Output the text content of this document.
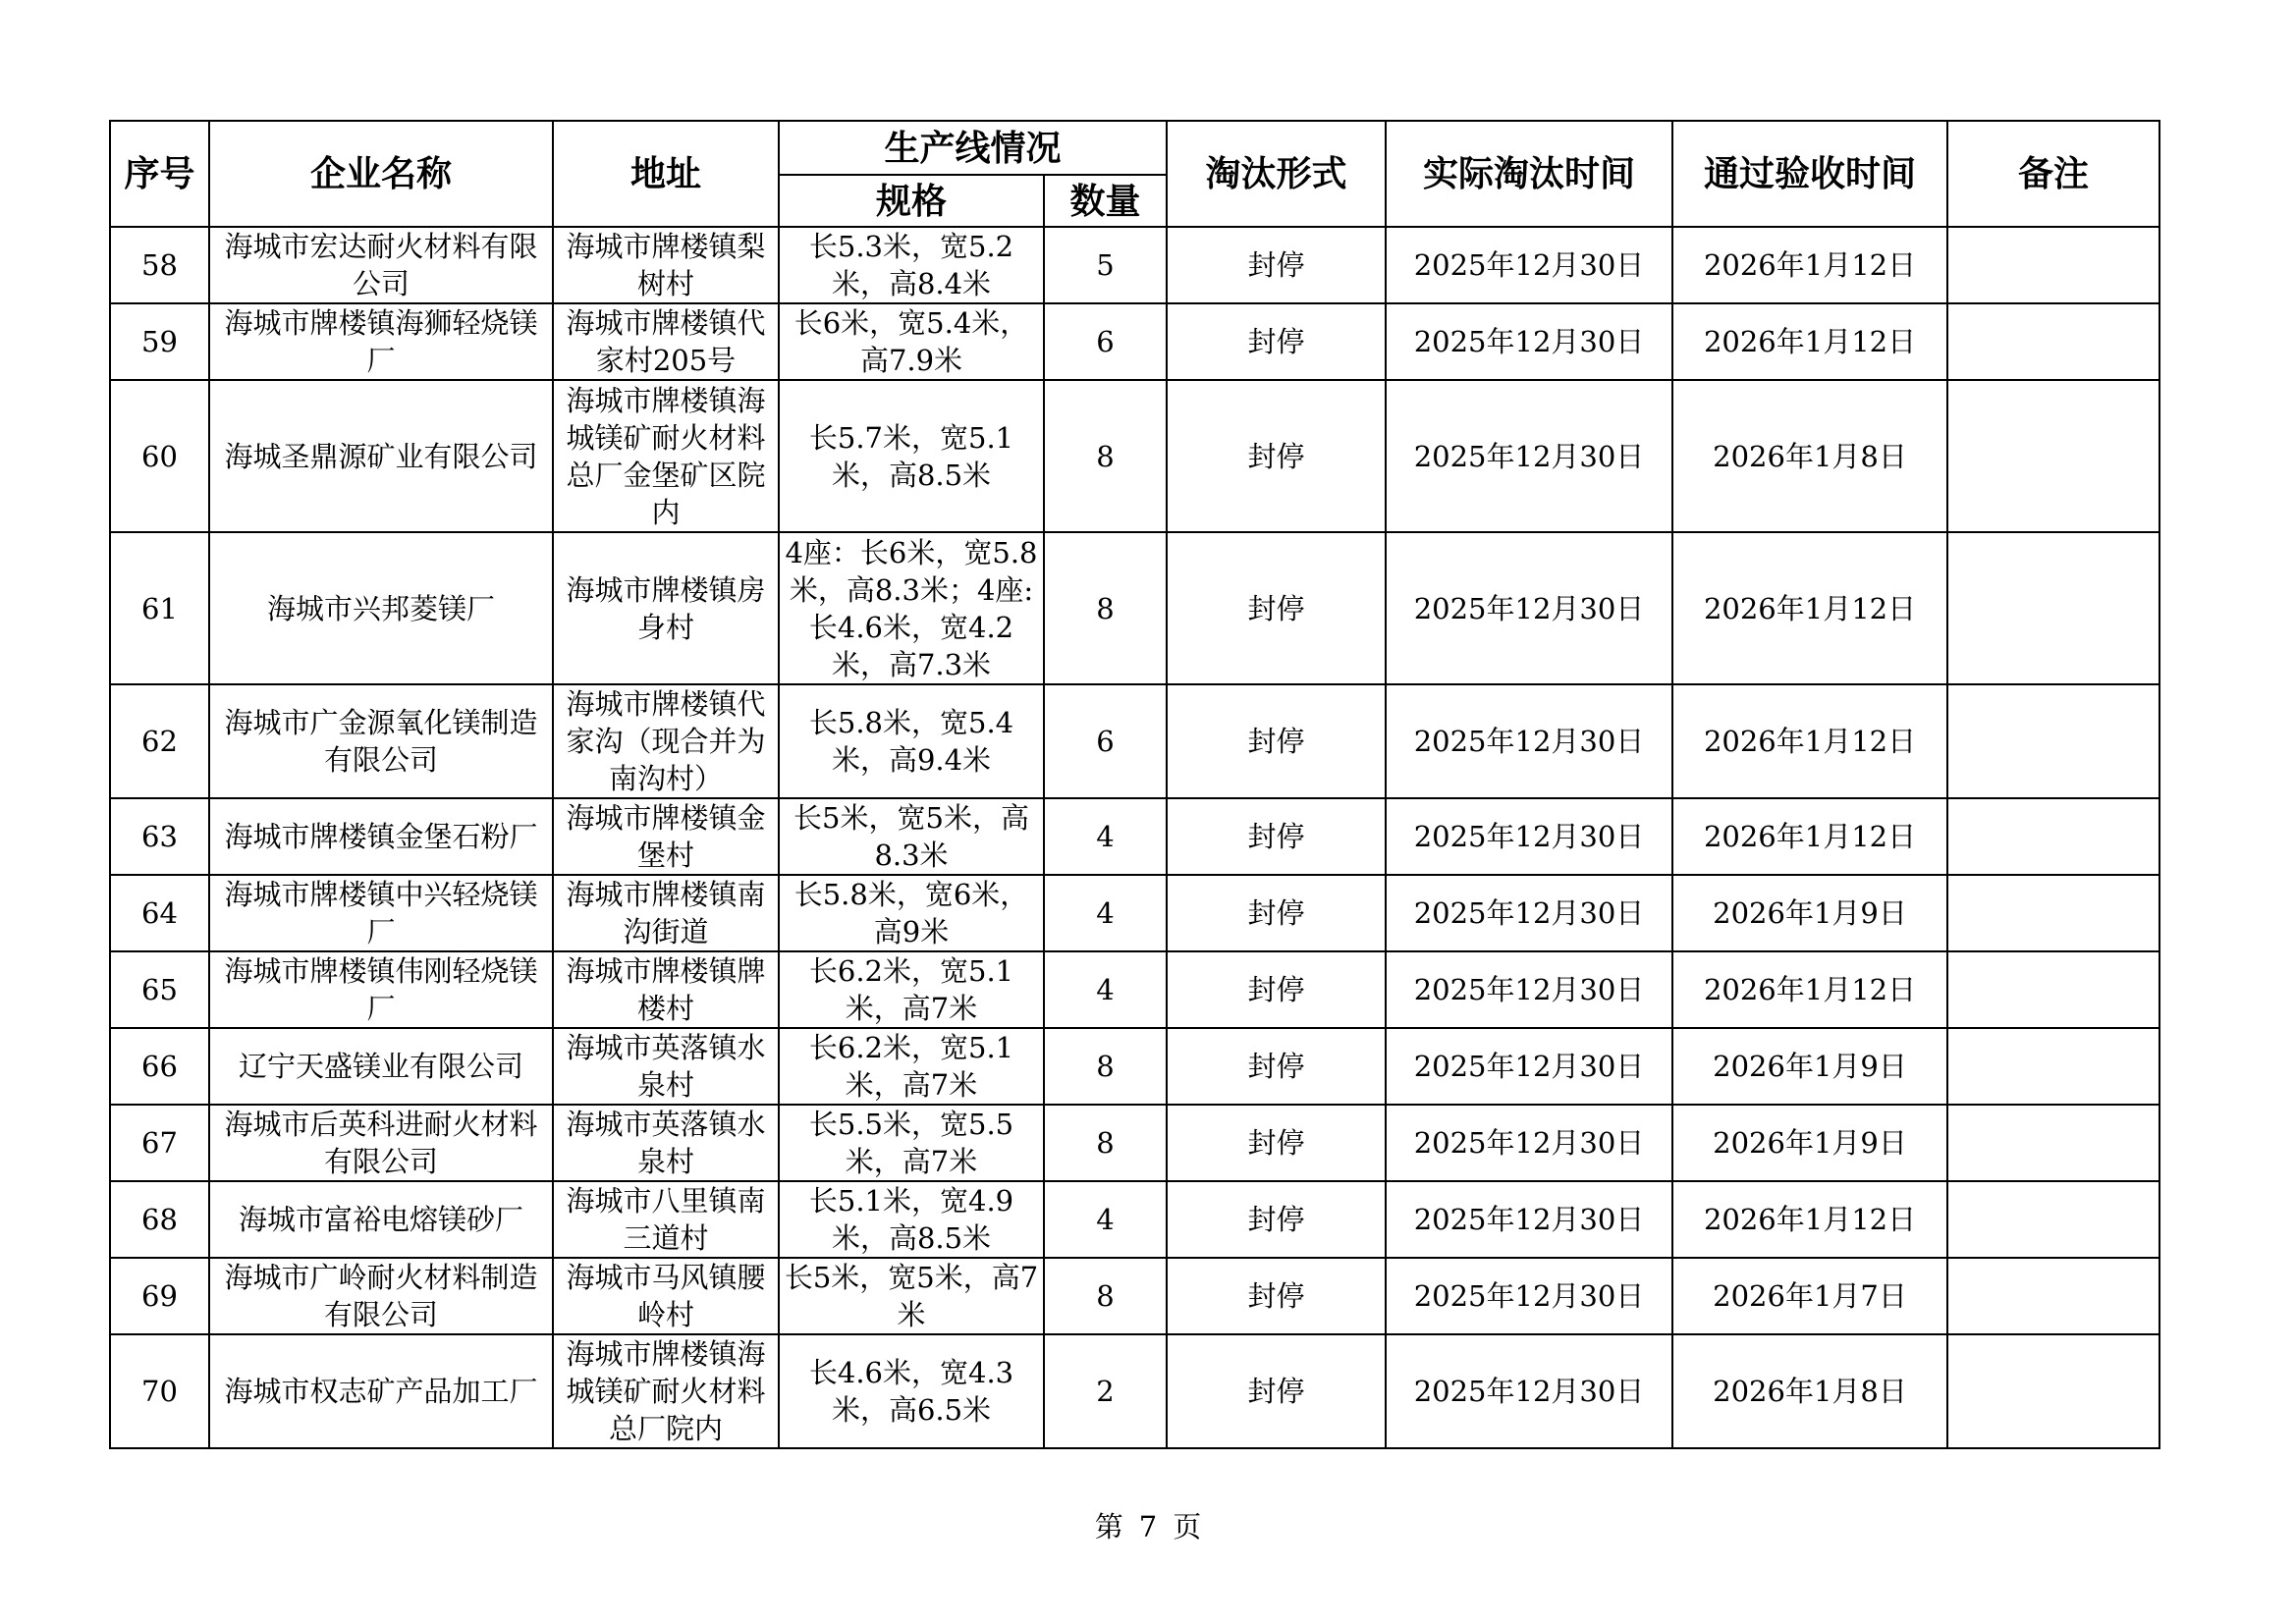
序号	企业名称	地址	生产线情况		淘汰形式	实际淘汰时间	通过验收时间	备注
			规格	数量				
58	海城市宏达耐火材料有限公司	海城市牌楼镇梨树村	长5.3米，宽5.2米，高8.4米	5	封停	2025年12月30日	2026年1月12日	
59	海城市牌楼镇海狮轻烧镁厂	海城市牌楼镇代家村205号	长6米，宽5.4米，高7.9米	6	封停	2025年12月30日	2026年1月12日	
60	海城圣鼎源矿业有限公司	海城市牌楼镇海城镁矿耐火材料总厂金堡矿区院内	长5.7米，宽5.1米，高8.5米	8	封停	2025年12月30日	2026年1月8日	
61	海城市兴邦菱镁厂	海城市牌楼镇房身村	4座：长6米，宽5.8米，高8.3米；4座:长4.6米，宽4.2米，高7.3米	8	封停	2025年12月30日	2026年1月12日	
62	海城市广金源氧化镁制造有限公司	海城市牌楼镇代家沟（现合并为南沟村）	长5.8米，宽5.4米，高9.4米	6	封停	2025年12月30日	2026年1月12日	
63	海城市牌楼镇金堡石粉厂	海城市牌楼镇金堡村	长5米，宽5米，高8.3米	4	封停	2025年12月30日	2026年1月12日	
64	海城市牌楼镇中兴轻烧镁厂	海城市牌楼镇南沟街道	长5.8米，宽6米，高9米	4	封停	2025年12月30日	2026年1月9日	
65	海城市牌楼镇伟刚轻烧镁厂	海城市牌楼镇牌楼村	长6.2米，宽5.1米，高7米	4	封停	2025年12月30日	2026年1月12日	
66	辽宁天盛镁业有限公司	海城市英落镇水泉村	长6.2米，宽5.1米，高7米	8	封停	2025年12月30日	2026年1月9日	
67	海城市后英科进耐火材料有限公司	海城市英落镇水泉村	长5.5米，宽5.5米，高7米	8	封停	2025年12月30日	2026年1月9日	
68	海城市富裕电熔镁砂厂	海城市八里镇南三道村	长5.1米，宽4.9米，高8.5米	4	封停	2025年12月30日	2026年1月12日	
69	海城市广岭耐火材料制造有限公司	海城市马风镇腰岭村	长5米，宽5米，高7米	8	封停	2025年12月30日	2026年1月7日	
70	海城市权志矿产品加工厂	海城市牌楼镇海城镁矿耐火材料总厂院内	长4.6米，宽4.3米，高6.5米	2	封停	2025年12月30日	2026年1月8日	
第 7 页
